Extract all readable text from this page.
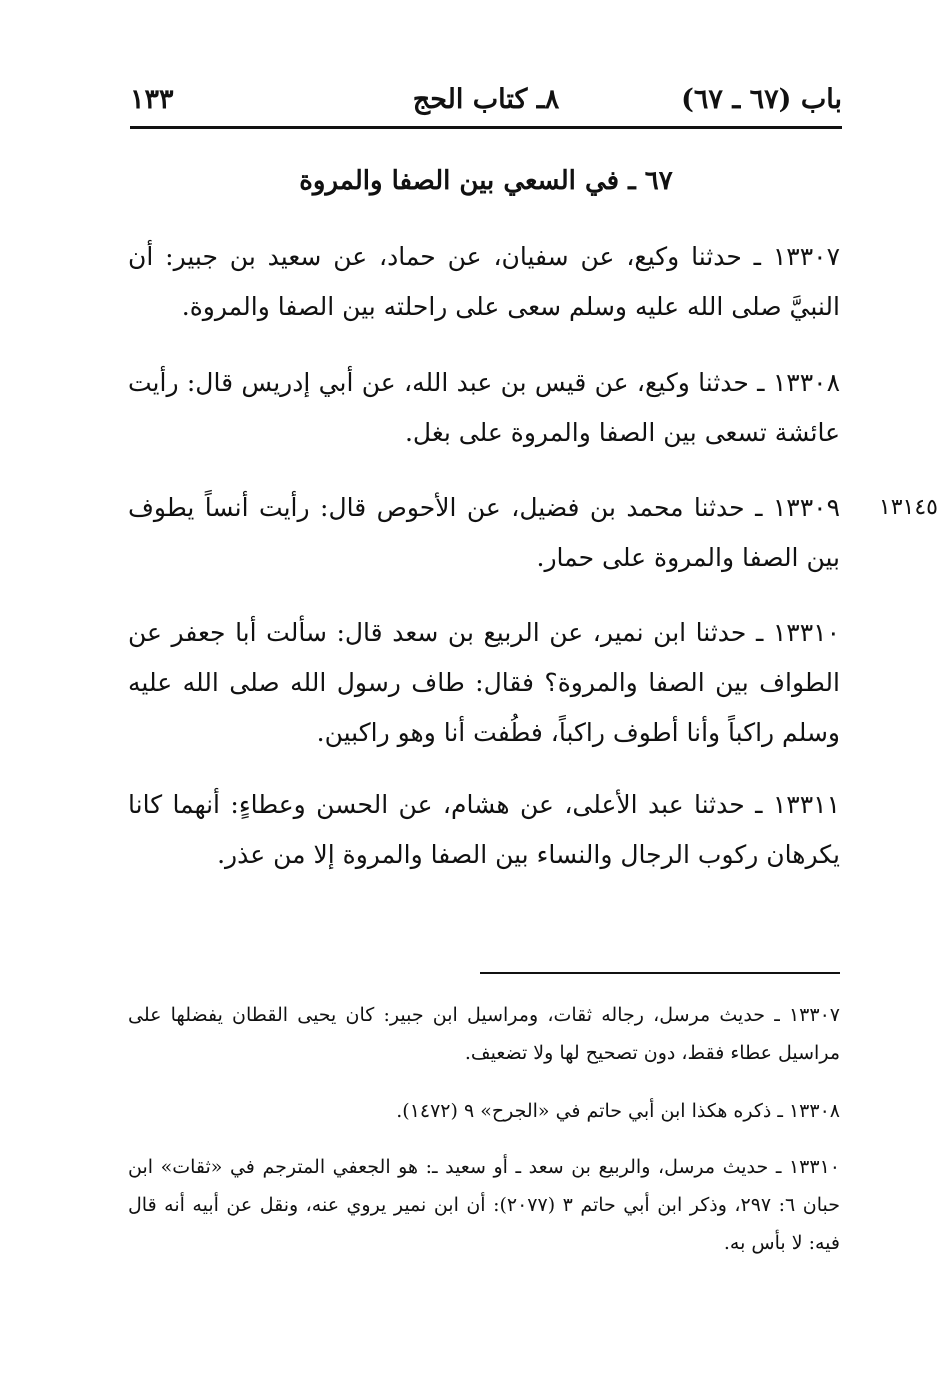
باب (٦٧ ـ ٦٧)
٨ـ كتاب الحج
١٣٣
٦٧ ـ في السعي بين الصفا والمروة

١٣٣٠٧ ـ حدثنا وكيع، عن سفيان، عن حماد، عن سعيد بن جبير: أن النبيَّ صلى الله عليه وسلم سعى على راحلته بين الصفا والمروة.

١٣٣٠٨ ـ حدثنا وكيع، عن قيس بن عبد الله، عن أبي إدريس قال: رأيت عائشة تسعى بين الصفا والمروة على بغل.

١٣٣٠٩ ـ حدثنا محمد بن فضيل، عن الأحوص قال: رأيت أنساً يطوف بين الصفا والمروة على حمار.

١٣١٤٥

١٣٣١٠ ـ حدثنا ابن نمير، عن الربيع بن سعد قال: سألت أبا جعفر عن الطواف بين الصفا والمروة؟ فقال: طاف رسول الله صلى الله عليه وسلم راكباً وأنا أطوف راكباً، فطُفت أنا وهو راكبين.

١٣٣١١ ـ حدثنا عبد الأعلى، عن هشام، عن الحسن وعطاءٍ: أنهما كانا يكرهان ركوب الرجال والنساء بين الصفا والمروة إلا من عذر.

١٣٣٠٧ ـ حديث مرسل، رجاله ثقات، ومراسيل ابن جبير: كان يحيى القطان يفضلها على مراسيل عطاء فقط، دون تصحيح لها ولا تضعيف.

١٣٣٠٨ ـ ذكره هكذا ابن أبي حاتم في «الجرح» ٩ (١٤٧٢).

١٣٣١٠ ـ حديث مرسل، والربيع بن سعد ـ أو سعيد ـ: هو الجعفي المترجم في «ثقات» ابن حبان ٦: ٢٩٧، وذكر ابن أبي حاتم ٣ (٢٠٧٧): أن ابن نمير يروي عنه، ونقل عن أبيه أنه قال فيه: لا بأس به.
